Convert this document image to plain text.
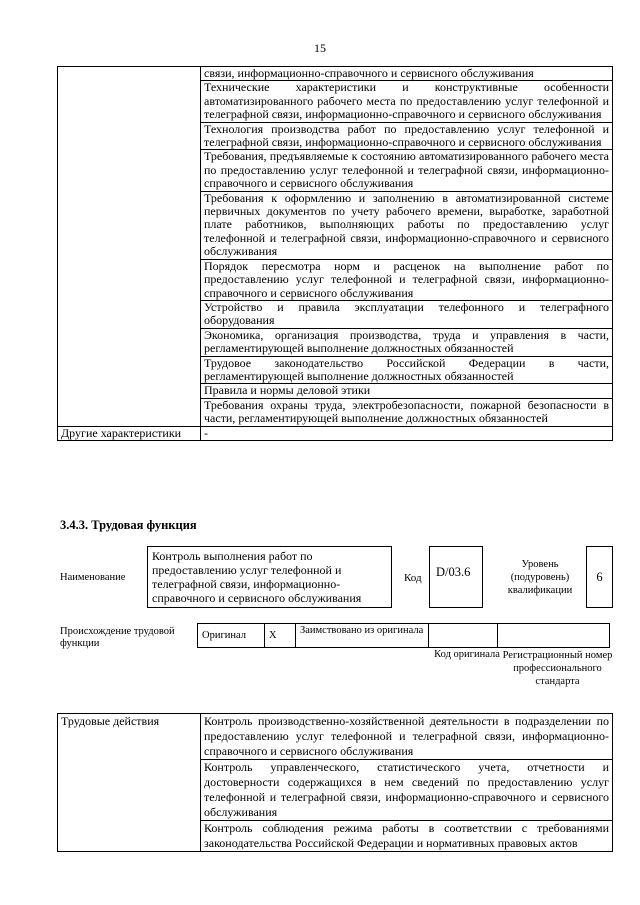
15
	связи, информационно-справочного и сервисного обслуживания
	Технические характеристики и конструктивные особенности автоматизированного рабочего места по предоставлению услуг телефонной и телеграфной связи, информационно-справочного и сервисного обслуживания
	Технология производства работ по предоставлению услуг телефонной и телеграфной связи, информационно-справочного и сервисного обслуживания
	Требования, предъявляемые к состоянию автоматизированного рабочего места по предоставлению услуг телефонной и телеграфной связи, информационно-справочного и сервисного обслуживания
	Требования к оформлению и заполнению в автоматизированной системе первичных документов по учету рабочего времени, выработке, заработной плате работников, выполняющих работы по предоставлению услуг телефонной и телеграфной связи, информационно-справочного и сервисного обслуживания
	Порядок пересмотра норм и расценок на выполнение работ по предоставлению услуг телефонной и телеграфной связи, информационно-справочного и сервисного обслуживания
	Устройство и правила эксплуатации телефонного и телеграфного оборудования
	Экономика, организация производства, труда и управления в части, регламентирующей выполнение должностных обязанностей
	Трудовое законодательство Российской Федерации в части, регламентирующей выполнение должностных обязанностей
	Правила и нормы деловой этики
	Требования охраны труда, электробезопасности, пожарной безопасности в части, регламентирующей выполнение должностных обязанностей
Другие характеристики	-
3.4.3. Трудовая функция
Наименование
Контроль выполнения работ по предоставлению услуг телефонной и телеграфной связи, информационно-справочного и сервисного обслуживания
Код	D/03.6
Уровень (подуровень) квалификации
6
Происхождение трудовой функции
Оригинал	X	Заимствовано из оригинала		
Код оригинала Регистрационный номер профессионального стандарта
Трудовые действия	Контроль производственно-хозяйственной деятельности в подразделении по предоставлению услуг телефонной и телеграфной связи, информационно-справочного и сервисного обслуживания
	Контроль управленческого, статистического учета, отчетности и достоверности содержащихся в нем сведений по предоставлению услуг телефонной и телеграфной связи, информационно-справочного и сервисного обслуживания
	Контроль соблюдения режима работы в соответствии с требованиями законодательства Российской Федерации и нормативных правовых актов
